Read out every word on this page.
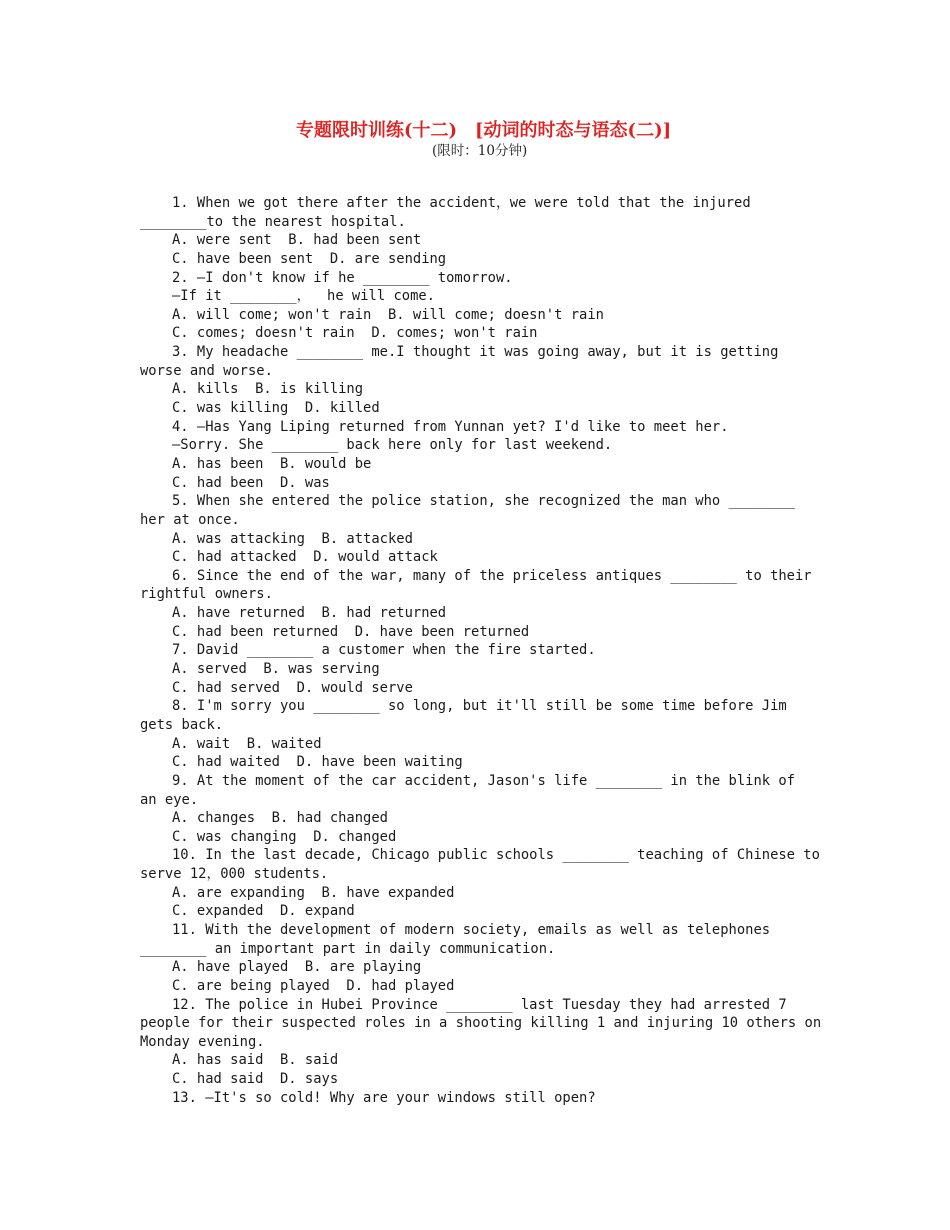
专题限时训练(十二)　[动词的时态与语态(二)]
(限时：10分钟)
1. When we got there after the accident，we were told that the injured
________to the nearest hospital.
A. were sent  B. had been sent
C. have been sent  D. are sending
2. —I don't know if he ________ tomorrow.
—If it ________，  he will come.
A. will come; won't rain  B. will come; doesn't rain
C. comes; doesn't rain  D. comes; won't rain
3. My headache ________ me.I thought it was going away, but it is getting
worse and worse.
A. kills  B. is killing
C. was killing  D. killed
4. —Has Yang Liping returned from Yunnan yet? I'd like to meet her.
—Sorry. She ________ back here only for last weekend.
A. has been  B. would be
C. had been  D. was
5. When she entered the police station, she recognized the man who ________
her at once.
A. was attacking  B. attacked
C. had attacked  D. would attack
6. Since the end of the war, many of the priceless antiques ________ to their
rightful owners.
A. have returned  B. had returned
C. had been returned  D. have been returned
7. David ________ a customer when the fire started.
A. served  B. was serving
C. had served  D. would serve
8. I'm sorry you ________ so long, but it'll still be some time before Jim
gets back.
A. wait  B. waited
C. had waited  D. have been waiting
9. At the moment of the car accident, Jason's life ________ in the blink of
an eye.
A. changes  B. had changed
C. was changing  D. changed
10. In the last decade, Chicago public schools ________ teaching of Chinese to
serve 12，000 students.
A. are expanding  B. have expanded
C. expanded  D. expand
11. With the development of modern society, emails as well as telephones
________ an important part in daily communication.
A. have played  B. are playing
C. are being played  D. had played
12. The police in Hubei Province ________ last Tuesday they had arrested 7
people for their suspected roles in a shooting killing 1 and injuring 10 others on
Monday evening.
A. has said  B. said
C. had said  D. says
13. —It's so cold! Why are your windows still open?
